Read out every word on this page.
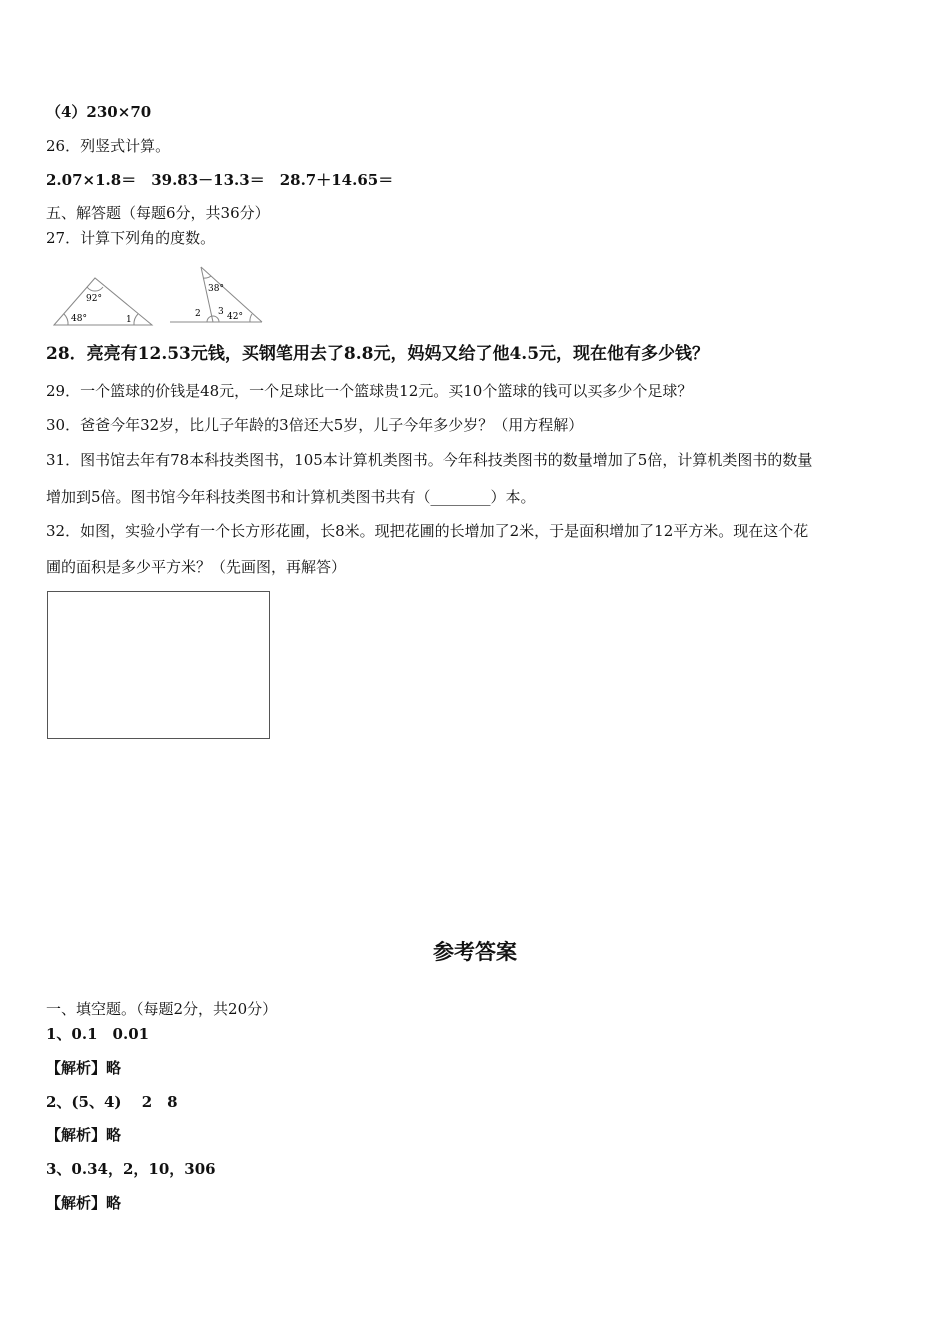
（4）230×70
26．列竖式计算。
2.07×1.8＝　39.83－13.3＝　28.7＋14.65＝
五、解答题（每题6分，共36分）
27．计算下列角的度数。
92°
48°	1
38°
2 3 42°
28．亮亮有12.53元钱，买钢笔用去了8.8元，妈妈又给了他4.5元，现在他有多少钱？
29．一个篮球的价钱是48元，一个足球比一个篮球贵12元。买10个篮球的钱可以买多少个足球？
30．爸爸今年32岁，比儿子年龄的3倍还大5岁，儿子今年多少岁？（用方程解）
31．图书馆去年有78本科技类图书，105本计算机类图书。今年科技类图书的数量增加了5倍，计算机类图书的数量
增加到5倍。图书馆今年科技类图书和计算机类图书共有（________）本。
32．如图，实验小学有一个长方形花圃，长8米。现把花圃的长增加了2米，于是面积增加了12平方米。现在这个花
圃的面积是多少平方米？（先画图，再解答）
参考答案
一、填空题。（每题2分，共20分）
1、0.1　0.01
【解析】略
2、(5、4)　 2　8
【解析】略
3、0.34，2，10，306
【解析】略
